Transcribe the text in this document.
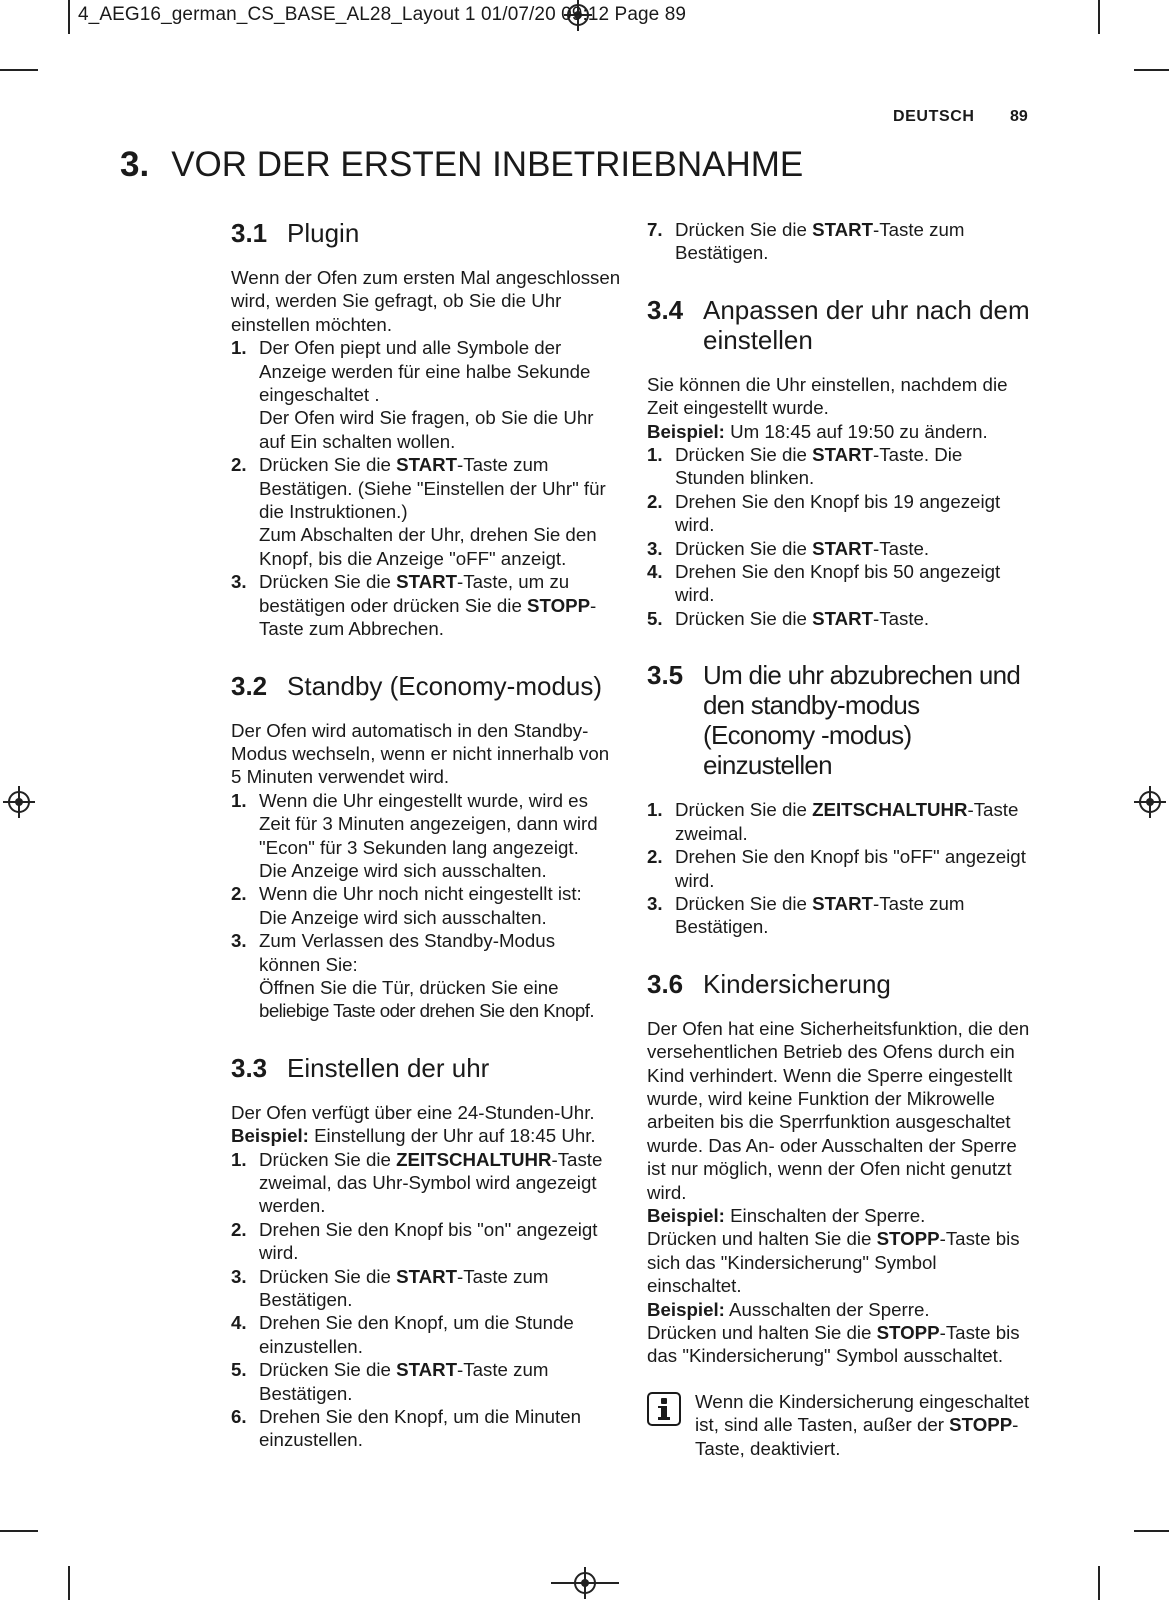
4_AEG16_german_CS_BASE_AL28_Layout 1 01/07/20 09:12 Page 89
DEUTSCH 89
3. VOR DER ERSTEN INBETRIEBNAHME
3.1 Plugin

Wenn der Ofen zum ersten Mal angeschlossen wird, werden Sie gefragt, ob Sie die Uhr einstellen möchten.

1. Der Ofen piept und alle Symbole der Anzeige werden für eine halbe Sekunde eingeschaltet .

Der Ofen wird Sie fragen, ob Sie die Uhr auf Ein schalten wollen.

2. Drücken Sie die START-Taste zum Bestätigen. (Siehe "Einstellen der Uhr" für die Instruktionen.)

Zum Abschalten der Uhr, drehen Sie den Knopf, bis die Anzeige "oFF" anzeigt.

3. Drücken Sie die START-Taste, um zu bestätigen oder drücken Sie die STOPP-Taste zum Abbrechen.

3.2 Standby (Economy-modus)

Der Ofen wird automatisch in den Standby-Modus wechseln, wenn er nicht innerhalb von 5 Minuten verwendet wird.

1. Wenn die Uhr eingestellt wurde, wird es Zeit für 3 Minuten angezeigen, dann wird "Econ" für 3 Sekunden lang angezeigt.

Die Anzeige wird sich ausschalten.

2. Wenn die Uhr noch nicht eingestellt ist:

Die Anzeige wird sich ausschalten.

3. Zum Verlassen des Standby-Modus können Sie:

Öffnen Sie die Tür, drücken Sie eine

beliebige Taste oder drehen Sie den Knopf.

3.3 Einstellen der uhr

Der Ofen verfügt über eine 24-Stunden-Uhr.

Beispiel: Einstellung der Uhr auf 18:45 Uhr.

1. Drücken Sie die ZEITSCHALTUHR-Taste zweimal, das Uhr-Symbol wird angezeigt werden.

2. Drehen Sie den Knopf bis "on" angezeigt wird.

3. Drücken Sie die START-Taste zum Bestätigen.

4. Drehen Sie den Knopf, um die Stunde einzustellen.

5. Drücken Sie die START-Taste zum Bestätigen.

6. Drehen Sie den Knopf, um die Minuten einzustellen.

7. Drücken Sie die START-Taste zum Bestätigen.

3.4 Anpassen der uhr nach dem einstellen

Sie können die Uhr einstellen, nachdem die Zeit eingestellt wurde.

Beispiel: Um 18:45 auf 19:50 zu ändern.

1. Drücken Sie die START-Taste. Die Stunden blinken.

2. Drehen Sie den Knopf bis 19 angezeigt wird.

3. Drücken Sie die START-Taste.

4. Drehen Sie den Knopf bis 50 angezeigt wird.

5. Drücken Sie die START-Taste.

3.5 Um die uhr abzubrechen und den standby-modus (Economy -modus) einzustellen
1. Drücken Sie die ZEITSCHALTUHR-Taste zweimal.

2. Drehen Sie den Knopf bis "oFF" angezeigt wird.

3. Drücken Sie die START-Taste zum Bestätigen.

3.6 Kindersicherung

Der Ofen hat eine Sicherheitsfunktion, die den versehentlichen Betrieb des Ofens durch ein Kind verhindert. Wenn die Sperre eingestellt wurde, wird keine Funktion der Mikrowelle arbeiten bis die Sperrfunktion ausgeschaltet wurde. Das An- oder Ausschalten der Sperre ist nur möglich, wenn der Ofen nicht genutzt wird.

Beispiel: Einschalten der Sperre.

Drücken und halten Sie die STOPP-Taste bis sich das "Kindersicherung" Symbol einschaltet.

Beispiel: Ausschalten der Sperre.

Drücken und halten Sie die STOPP-Taste bis das "Kindersicherung" Symbol ausschaltet.

Wenn die Kindersicherung eingeschaltet ist, sind alle Tasten, außer der STOPP-Taste, deaktiviert.
